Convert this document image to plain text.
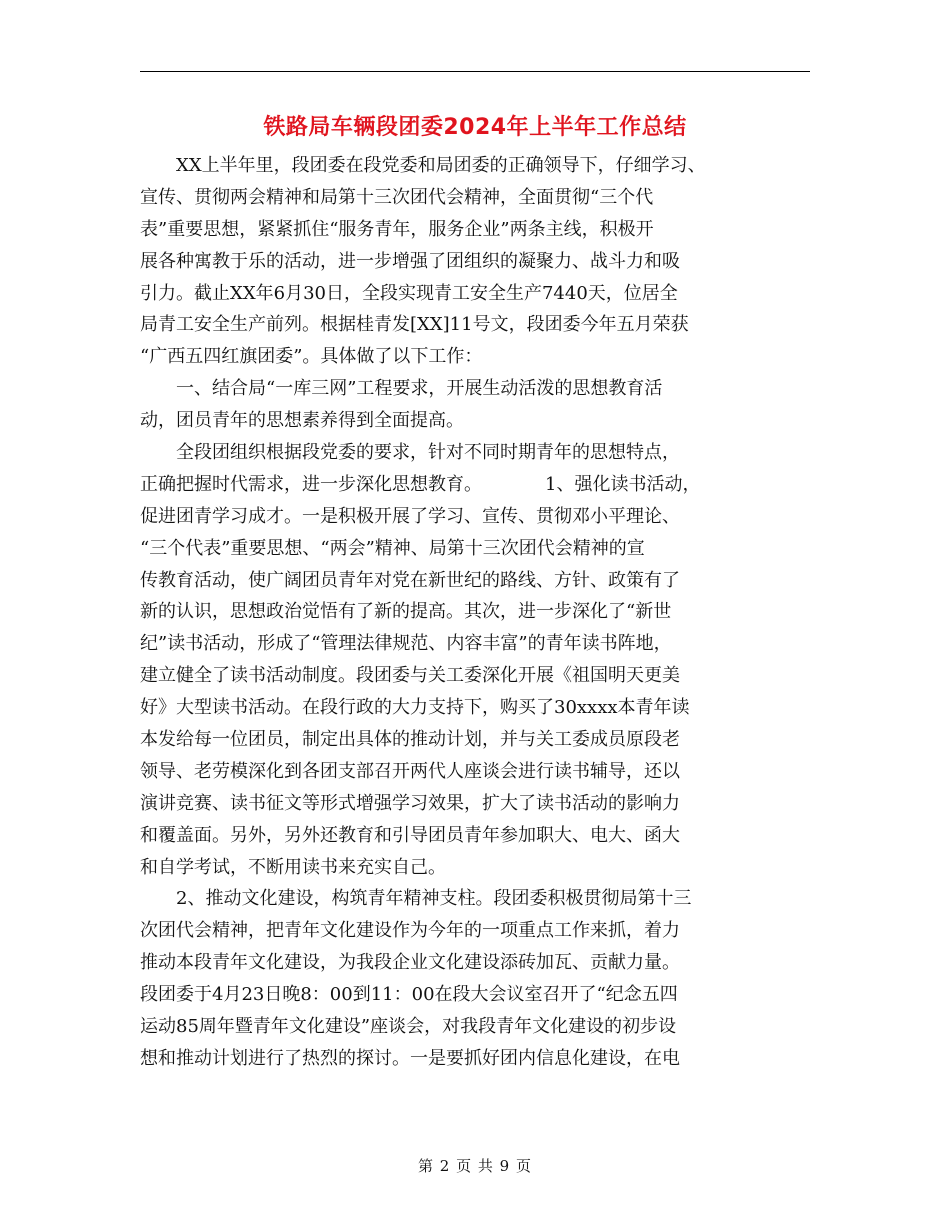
铁路局车辆段团委2024年上半年工作总结
　　XX上半年里，段团委在段党委和局团委的正确领导下，仔细学习、
宣传、贯彻两会精神和局第十三次团代会精神，全面贯彻“三个代
表”重要思想，紧紧抓住“服务青年，服务企业”两条主线，积极开
展各种寓教于乐的活动，进一步增强了团组织的凝聚力、战斗力和吸
引力。截止XX年6月30日，全段实现青工安全生产7440天，位居全
局青工安全生产前列。根据桂青发[XX]11号文，段团委今年五月荣获
“广西五四红旗团委”。具体做了以下工作：
　　一、结合局“一库三网”工程要求，开展生动活泼的思想教育活
动，团员青年的思想素养得到全面提高。
　　全段团组织根据段党委的要求，针对不同时期青年的思想特点，
正确把握时代需求，进一步深化思想教育。　　　　1、强化读书活动，
促进团青学习成才。一是积极开展了学习、宣传、贯彻邓小平理论、
“三个代表”重要思想、“两会”精神、局第十三次团代会精神的宣
传教育活动，使广阔团员青年对党在新世纪的路线、方针、政策有了
新的认识，思想政治觉悟有了新的提高。其次，进一步深化了“新世
纪”读书活动，形成了“管理法律规范、内容丰富”的青年读书阵地，
建立健全了读书活动制度。段团委与关工委深化开展《祖国明天更美
好》大型读书活动。在段行政的大力支持下，购买了30xxxx本青年读
本发给每一位团员，制定出具体的推动计划，并与关工委成员原段老
领导、老劳模深化到各团支部召开两代人座谈会进行读书辅导，还以
演讲竞赛、读书征文等形式增强学习效果，扩大了读书活动的影响力
和覆盖面。另外，另外还教育和引导团员青年参加职大、电大、函大
和自学考试，不断用读书来充实自己。
　　2、推动文化建设，构筑青年精神支柱。段团委积极贯彻局第十三
次团代会精神，把青年文化建设作为今年的一项重点工作来抓，着力
推动本段青年文化建设，为我段企业文化建设添砖加瓦、贡献力量。
段团委于4月23日晚8：00到11：00在段大会议室召开了“纪念五四
运动85周年暨青年文化建设”座谈会，对我段青年文化建设的初步设
想和推动计划进行了热烈的探讨。一是要抓好团内信息化建设，在电
第 2 页 共 9 页
